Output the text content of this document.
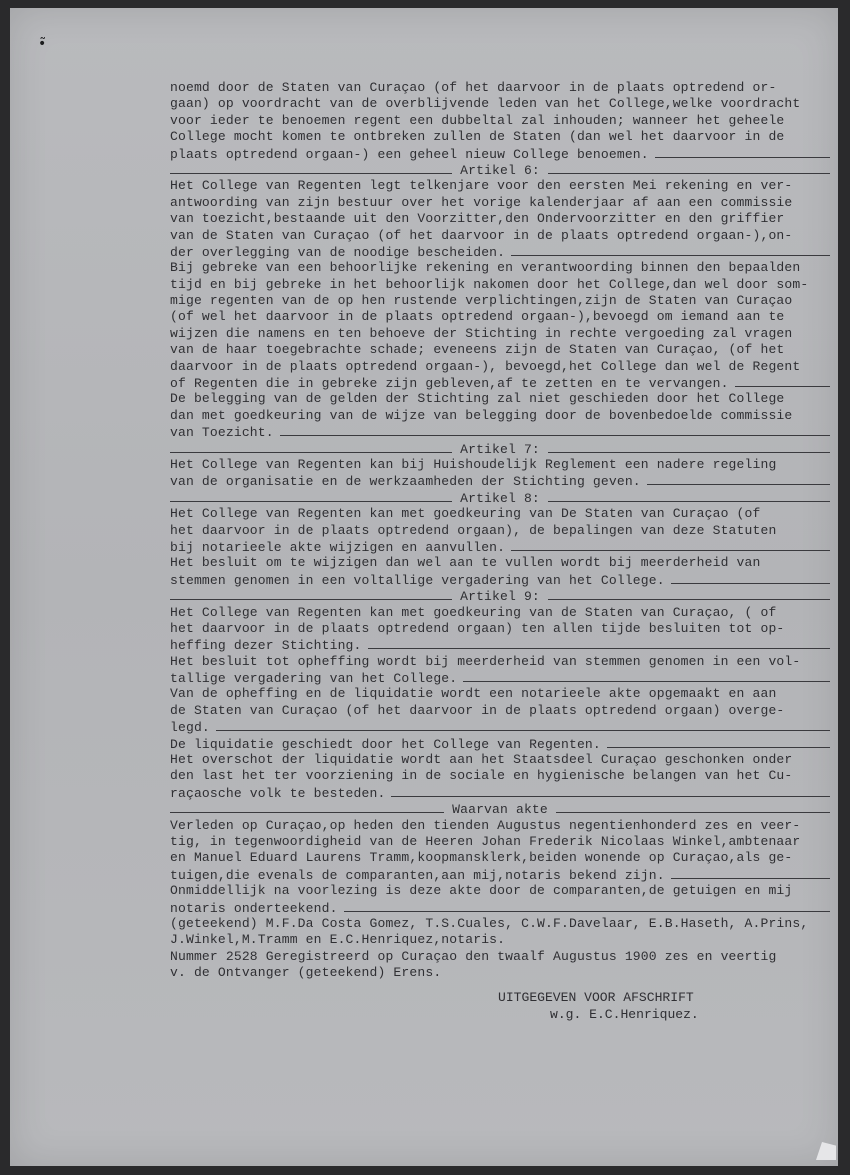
•̃
noemd door de Staten van Curaçao (of het daarvoor in de plaats optredend or-
gaan) op voordracht van de overblijvende leden van het College,welke voordracht
voor ieder te benoemen regent een dubbeltal zal inhouden; wanneer het geheele
College mocht komen te ontbreken zullen de Staten (dan wel het daarvoor in de
plaats optredend orgaan-) een geheel nieuw College benoemen.
Artikel 6:
Het College van Regenten legt telkenjare voor den eersten Mei rekening en ver-
antwoording van zijn bestuur over het vorige kalenderjaar af aan een commissie
van toezicht,bestaande uit den Voorzitter,den Ondervoorzitter en den griffier
van de Staten van Curaçao (of het daarvoor in de plaats optredend orgaan-),on-
der overlegging van de noodige bescheiden.
Bij gebreke van een behoorlijke rekening en verantwoording binnen den bepaalden
tijd en bij gebreke in het behoorlijk nakomen door het College,dan wel door som-
mige regenten van de op hen rustende verplichtingen,zijn de Staten van Curaçao
(of wel het daarvoor in de plaats optredend orgaan-),bevoegd om iemand aan te
wijzen die namens en ten behoeve der Stichting in rechte vergoeding zal vragen
van de haar toegebrachte schade; eveneens zijn de Staten van Curaçao, (of het
daarvoor in de plaats optredend orgaan-), bevoegd,het College dan wel de Regent
of Regenten die in gebreke zijn gebleven,af te zetten en te vervangen.
De belegging van de gelden der Stichting zal niet geschieden door het College
dan met goedkeuring van de wijze van belegging door de bovenbedoelde commissie
van Toezicht.
Artikel 7:
Het College van Regenten kan bij Huishoudelijk Reglement een nadere regeling
van de organisatie en de werkzaamheden der Stichting geven.
Artikel 8:
Het College van Regenten kan met goedkeuring van De Staten van Curaçao (of
het daarvoor in de plaats optredend orgaan), de bepalingen van deze Statuten
bij notarieele akte wijzigen en aanvullen.
Het besluit om te wijzigen dan wel aan te vullen wordt bij meerderheid van
stemmen genomen in een voltallige vergadering van het College.
Artikel 9:
Het College van Regenten kan met goedkeuring van de Staten van Curaçao, ( of
het daarvoor in de plaats optredend orgaan) ten allen tijde besluiten tot op-
heffing dezer Stichting.
Het besluit tot opheffing wordt bij meerderheid van stemmen genomen in een vol-
tallige vergadering van het College.
Van de opheffing en de liquidatie wordt een notarieele akte opgemaakt en aan
de Staten van Curaçao (of het daarvoor in de plaats optredend orgaan) overge-
legd.
De liquidatie geschiedt door het College van Regenten.
Het overschot der liquidatie wordt aan het Staatsdeel Curaçao geschonken onder
den last het ter voorziening in de sociale en hygienische belangen van het Cu-
raçaosche volk te besteden.
Waarvan akte
Verleden op Curaçao,op heden den tienden Augustus negentienhonderd zes en veer-
tig, in tegenwoordigheid van de Heeren Johan Frederik Nicolaas Winkel,ambtenaar
en Manuel Eduard Laurens Tramm,koopmansklerk,beiden wonende op Curaçao,als ge-
tuigen,die evenals de comparanten,aan mij,notaris bekend zijn.
Onmiddellijk na voorlezing is deze akte door de comparanten,de getuigen en mij
notaris onderteekend.
(geteekend) M.F.Da Costa Gomez, T.S.Cuales, C.W.F.Davelaar, E.B.Haseth, A.Prins,
J.Winkel,M.Tramm en E.C.Henriquez,notaris.
Nummer 2528 Geregistreerd op Curaçao den twaalf Augustus 1900 zes en veertig
v. de Ontvanger (geteekend) Erens.
UITGEGEVEN VOOR AFSCHRIFT
w.g. E.C.Henriquez.
